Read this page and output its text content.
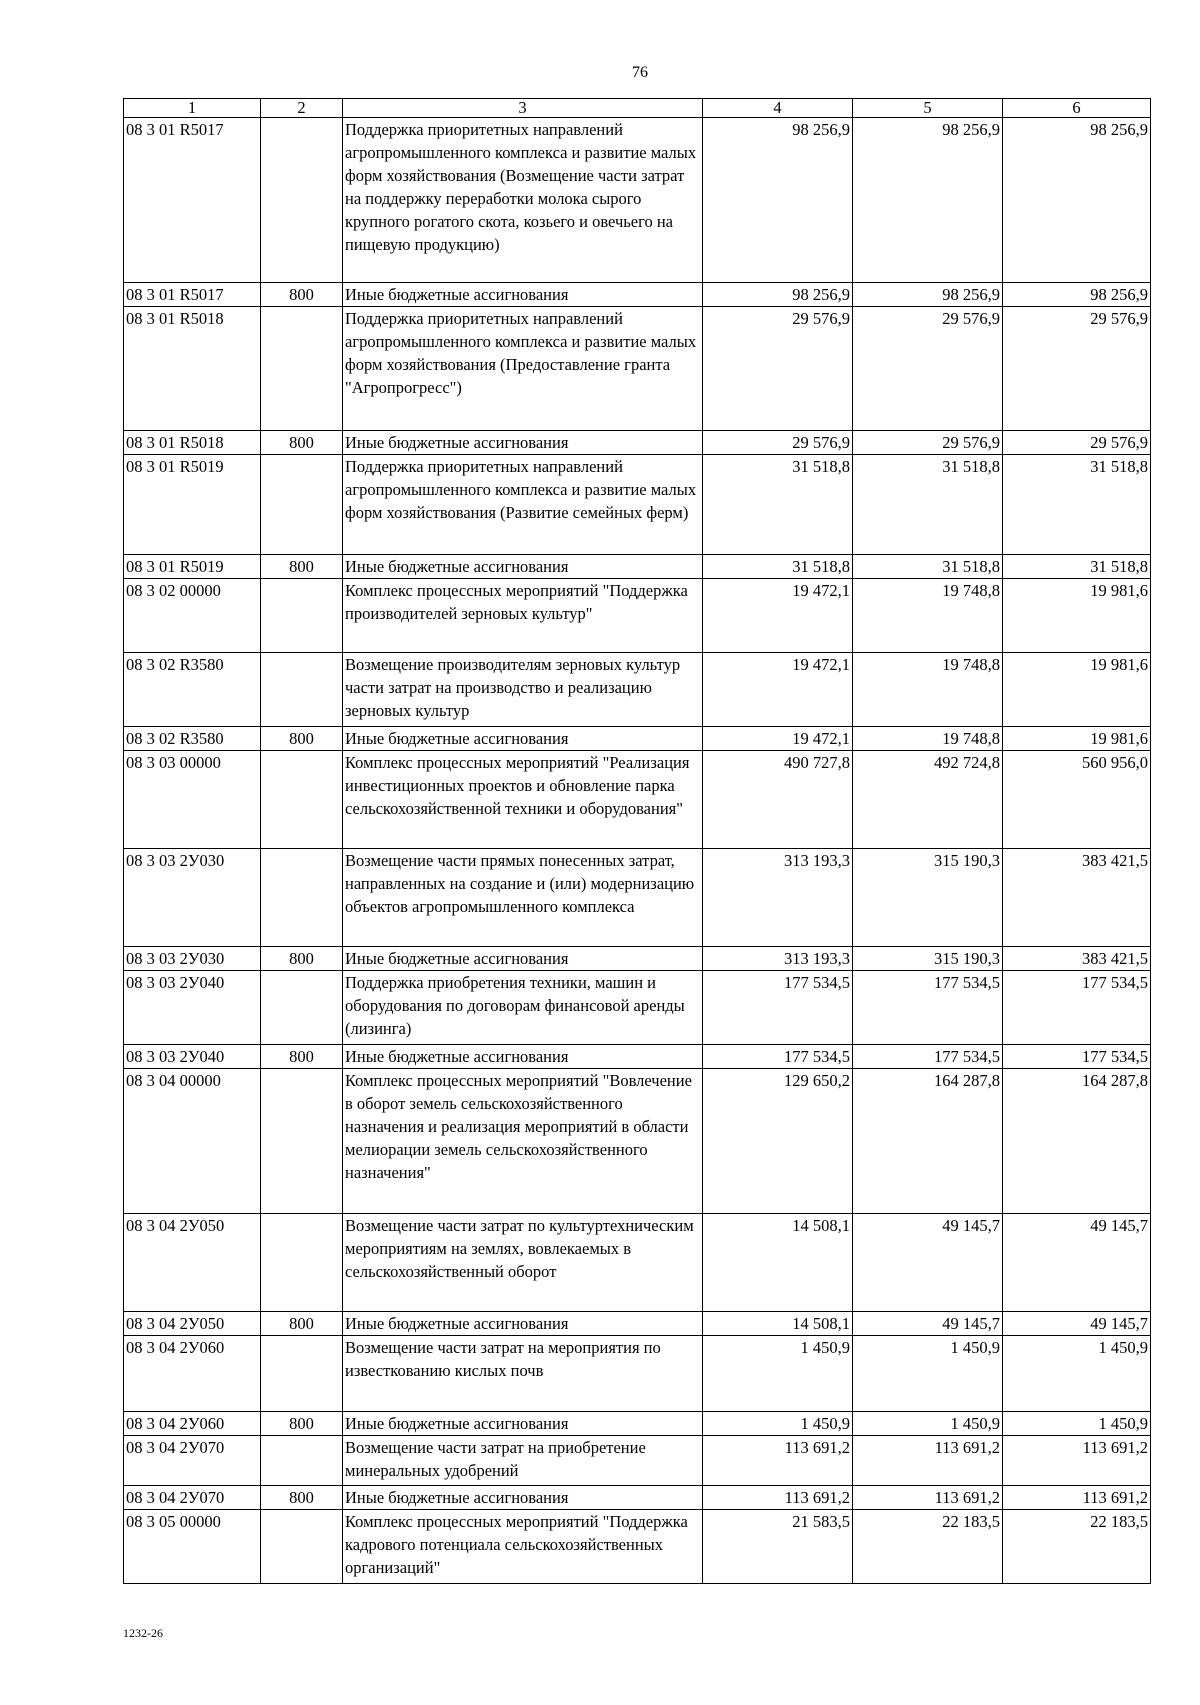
76
1	2	3	4	5	6
08 3 01 R5017		Поддержка приоритетных направлений агропромышленного комплекса и развитие малых форм хозяйствования (Возмещение части затрат на поддержку переработки молока сырого крупного рогатого скота, козьего и овечьего на пищевую продукцию)	98 256,9	98 256,9	98 256,9
08 3 01 R5017	800	Иные бюджетные ассигнования	98 256,9	98 256,9	98 256,9
08 3 01 R5018		Поддержка приоритетных направлений агропромышленного комплекса и развитие малых форм хозяйствования (Предоставление гранта "Агропрогресс")	29 576,9	29 576,9	29 576,9
08 3 01 R5018	800	Иные бюджетные ассигнования	29 576,9	29 576,9	29 576,9
08 3 01 R5019		Поддержка приоритетных направлений агропромышленного комплекса и развитие малых форм хозяйствования (Развитие семейных ферм)	31 518,8	31 518,8	31 518,8
08 3 01 R5019	800	Иные бюджетные ассигнования	31 518,8	31 518,8	31 518,8
08 3 02 00000		Комплекс процессных мероприятий "Поддержка производителей зерновых культур"	19 472,1	19 748,8	19 981,6
08 3 02 R3580		Возмещение производителям зерновых культур части затрат на производство и реализацию зерновых культур	19 472,1	19 748,8	19 981,6
08 3 02 R3580	800	Иные бюджетные ассигнования	19 472,1	19 748,8	19 981,6
08 3 03 00000		Комплекс процессных мероприятий "Реализация инвестиционных проектов и обновление парка сельскохозяйственной техники и оборудования"	490 727,8	492 724,8	560 956,0
08 3 03 2У030		Возмещение части прямых понесенных затрат, направленных на создание и (или) модернизацию объектов агропромышленного комплекса	313 193,3	315 190,3	383 421,5
08 3 03 2У030	800	Иные бюджетные ассигнования	313 193,3	315 190,3	383 421,5
08 3 03 2У040		Поддержка приобретения техники, машин и оборудования по договорам финансовой аренды (лизинга)	177 534,5	177 534,5	177 534,5
08 3 03 2У040	800	Иные бюджетные ассигнования	177 534,5	177 534,5	177 534,5
08 3 04 00000		Комплекс процессных мероприятий "Вовлечение в оборот земель сельскохозяйственного назначения и реализация мероприятий в области мелиорации земель сельскохозяйственного назначения"	129 650,2	164 287,8	164 287,8
08 3 04 2У050		Возмещение части затрат по культуртехническим мероприятиям на землях, вовлекаемых в сельскохозяйственный оборот	14 508,1	49 145,7	49 145,7
08 3 04 2У050	800	Иные бюджетные ассигнования	14 508,1	49 145,7	49 145,7
08 3 04 2У060		Возмещение части затрат на мероприятия по известкованию кислых почв	1 450,9	1 450,9	1 450,9
08 3 04 2У060	800	Иные бюджетные ассигнования	1 450,9	1 450,9	1 450,9
08 3 04 2У070		Возмещение части затрат на приобретение минеральных удобрений	113 691,2	113 691,2	113 691,2
08 3 04 2У070	800	Иные бюджетные ассигнования	113 691,2	113 691,2	113 691,2
08 3 05 00000		Комплекс процессных мероприятий "Поддержка кадрового потенциала сельскохозяйственных организаций"	21 583,5	22 183,5	22 183,5
1232-26
